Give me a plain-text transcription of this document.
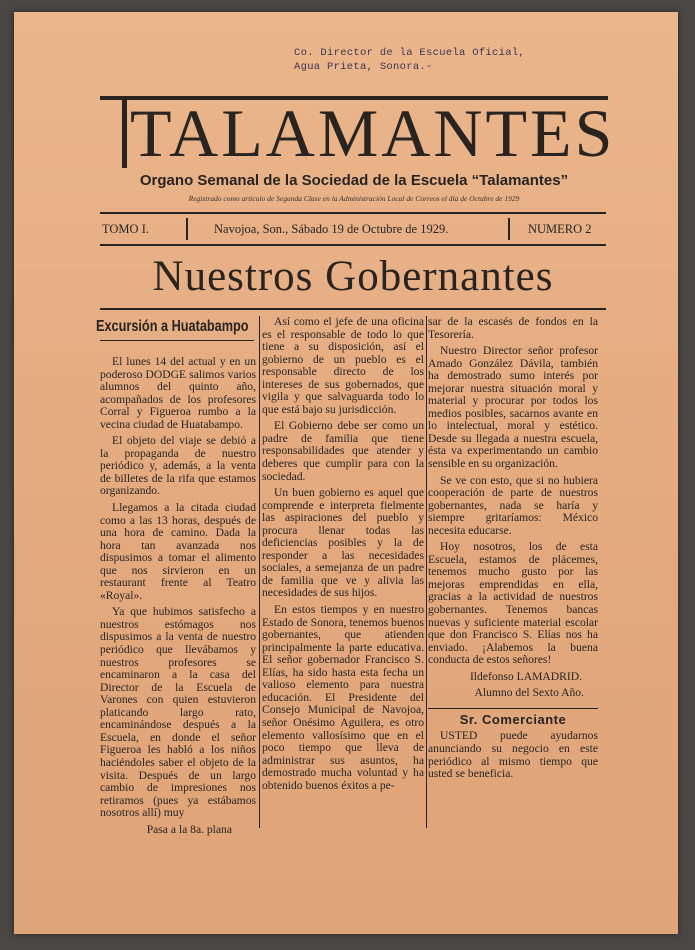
Co. Director de la Escuela Oficial,
Agua Prieta, Sonora.-
TALAMANTES
Organo Semanal de la Sociedad de la Escuela “Talamantes”
Registrado como artículo de Segunda Clase en la Administración Local de Correos el día de Octubre de 1929
TOMO I.	Navojoa, Son., Sábado 19 de Octubre de 1929.	NUMERO 2
Nuestros Gobernantes
Excursión a Huatabampo

El lunes 14 del actual y en un poderoso DODGE salimos varios alumnos del quinto año, acompañados de los profesores Corral y Figueroa rumbo a la vecina ciudad de Huatabampo.

El objeto del viaje se debió a la propaganda de nuestro periódico y, además, a la venta de billetes de la rifa que estamos organizando.

Llegamos a la citada ciudad como a las 13 horas, después de una hora de camino. Dada la hora tan avanzada nos dispusimos a tomar el alimento que nos sirvieron en un restaurant frente al Teatro «Royal».

Ya que hubimos satisfecho a nuestros estómagos nos dispusimos a la venta de nuestro periódico que llevábamos y nuestros profesores se encaminaron a la casa del Director de la Escuela de Varones con quien estuvieron platicando largo rato, encaminándose después a la Escuela, en donde el señor Figueroa les habló a los niños haciéndoles saber el objeto de la visita. Después de un largo cambio de impresiones nos retiramos (pues ya estábamos nosotros allí) muy

Pasa a la 8a. plana

Así como el jefe de una oficina es el responsable de todo lo que tiene a su disposición, así el gobierno de un pueblo es el responsable directo de los intereses de sus gobernados, que vigila y que salvaguarda todo lo que está bajo su jurisdicción.

El Gobierno debe ser como un padre de familia que tiene responsabilidades que atender y deberes que cumplir para con la sociedad.

Un buen gobierno es aquel que comprende e interpreta fielmente las aspiraciones del pueblo y procura llenar todas las deficiencias posibles y la de responder a las necesidades sociales, a semejanza de un padre de familia que ve y alivia las necesidades de sus hijos.

En estos tiempos y en nuestro Estado de Sonora, tenemos buenos gobernantes, que atienden principalmente la parte educativa. El señor gobernador Francisco S. Elías, ha sido hasta esta fecha un valioso elemento para nuestra educación. El Presidente del Consejo Municipal de Navojoa, señor Onésimo Aguilera, es otro elemento vallosísimo que en el poco tiempo que lleva de administrar sus asuntos, ha demostrado mucha voluntad y ha obtenido buenos éxitos a pe-

sar de la escasés de fondos en la Tesorería.

Nuestro Director señor profesor Amado González Dávila, también ha demostrado sumo interés por mejorar nuestra situación moral y material y procurar por todos los medios posibles, sacarnos avante en lo intelectual, moral y estético. Desde su llegada a nuestra escuela, ésta va experimentando un cambio sensible en su organización.

Se ve con esto, que si no hubiera cooperación de parte de nuestros gobernantes, nada se haría y siempre gritaríamos: México necesita educarse.

Hoy nosotros, los de esta Escuela, estamos de plácemes, tenemos mucho gusto por las mejoras emprendidas en ella, gracias a la actividad de nuestros gobernantes. Tenemos bancas nuevas y suficiente material escolar que don Francisco S. Elías nos ha enviado. ¡Alabemos la buena conducta de estos señores!

Ildefonso LAMADRID.

Alumno del Sexto Año.

Sr. Comerciante

USTED puede ayudarnos anunciando su negocio en este periódico al mismo tiempo que usted se beneficia.
